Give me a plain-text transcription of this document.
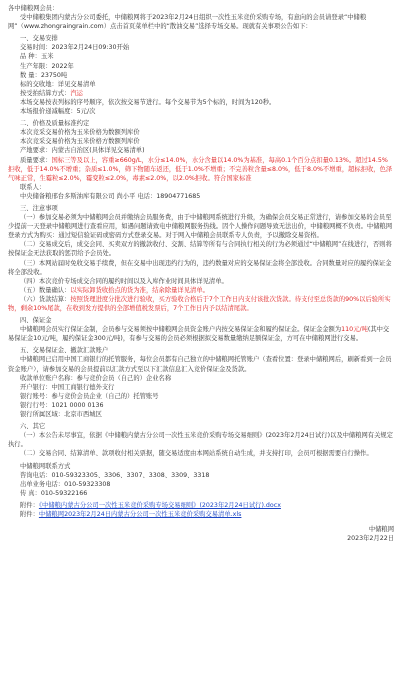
各中储粮网会员：

受中储粮集团内蒙古分公司委托，中储粮网将于2023年2月24日组织一次性玉米竞价采购专场，有意向的会员请登录“中储粮网”（www.zhongraingrain.com）点击首页菜单栏中的“散油交易”选择专场交易。现就有关事项公告如下：

一、交易安排

交易时间：2023年2月24日09:30开始

品 种：玉米

生产年限：2022年

数 量：23750吨

标的交收地：详见交易清单

按受拍结算方式：汽运

本场交易按表列标的序号顺序，依次按交易节进行。每个交易节为5个标的，时间为120秒。

本场报价递减幅度：5元/次

二、价格及质量标准约定

本次竞采交易价格为玉米价格为数额列库价

本次竞采交易价格为玉米价格方数额列库价

产地要求：内蒙古自治区(具体详见交易清单)

质量要求：国标三等及以上，容重≥660g/L，水分≤14.0%，水分含量以14.0%为基准，每高0.1个百分点扣量0.13%。超过14.5%拒收，低于14.0%不增重；杂质≤1.0%，筛下物随车返还，低于1.0%不增重；不完善粒含量≤8.0%，低于8.0%不增重，超标拒收，色泽气味正常，生霉粒≤2.0%，霉变粒≤2.0%，毒素≤2.0%，以2.0%拒收。符合国家标准

联系人：

中央储备粮邢台多斯油库有限公司 尚小平 电话：18904771685

三、注意事项

（一）参加交易必须为中储粮网会员并缴纳会员服务费，由于中储粮网系统进行升级，为确保会员交易正常进行，请参加交易的会员至少提前一天登录中储粮网进行查看应用，如遇问题请致电中储粮网服务热线。因个人操作问题导致无法出价，中储粮网概不负责。中储粮网登录方式为购买：通过短信验证码或密码方式登录交易。对于网入中储粮会员联系专人负责，予以撤除交易资格。

（二）交易成交后，成交会同、买卖双方的撤款收付、交割、结算等所有与合同执行相关的行为必须通过“中储粮网”在线进行，否则将按保证金无法获取的惩罚给予会员处。

（三）本网站届时免收交易手续费，但在交易中出现违约行为的，违约数量对应的交易保证金将全部没收。合同数量对应的履约保证金将全部没收。

（四）本次竞价专场成交合同的履约时间以及入库作业时间具体详见清单。

（五）数量确认：以实际卸货收拾点的货为准，结余除量详见清单。

（六）货款结算：按照货理进度分批次进行验收，买方验收合格后于7个工作日内支付该批次货款。待支付至总货款的90%以后验所实物，剩余10%尾款，在收到发方提供的全部增值税发票后，7个工作日内予以结清尾款。

四、保证金

中储粮网会员实行保证金制，会员参与交易须按中储粮网会员资金账户内按交易保证金和履约保证金。保证金金额为110元/吨(其中交易保证金10元/吨，履约保证金300元/吨)，有参与交易的会员必须根据拟交易数量缴纳足额保证金，方可在中储粮网进行交易。

五、交易保证金、撤款汇款账户

中储粮网已启用中国工商银行的托管服务，每位会员都有自己独立的中储粮网托管账户（查看位置：登录中储粮网后，刷新看到一会员资金账户），请参加交易的会员提前以汇款方式至以下汇款信息汇入竞价保证金及货款。

收款单位账户名称：参与竞价会员（自己的）企业名称

开户银行：中国工商银行德外支行

银行账号：参与竞价会员企业（自己的）托管账号

银行行号：1021 0000 0136

银行所属区域：北京市西城区

六、其它

（一）本公告未尽事宜，依据《中储粮内蒙古分公司一次性玉米竞价采购专场交易细则》(2023年2月24日试行)以及中储粮网有关规定执行。

（二）交易合同、结算清单、款项收付相关票据，随交易适度由本网站系统自动生成，并支持打印，会员可根据需要自行操作。

中储粮网联系方式

咨询电话：010-59323305、3306、3307、3308、3309、3318

出单业务电话：010-59323308

传 真：010-59322166

附件：《中储粮内蒙古分公司一次性玉米竞价采购专场交易细则》(2023年2月24日试行).docx

附件：中储粮网2023年2月24日内蒙古分公司一次性玉米竞价采购交易清单.xls

中储粮网

2023年2月22日
